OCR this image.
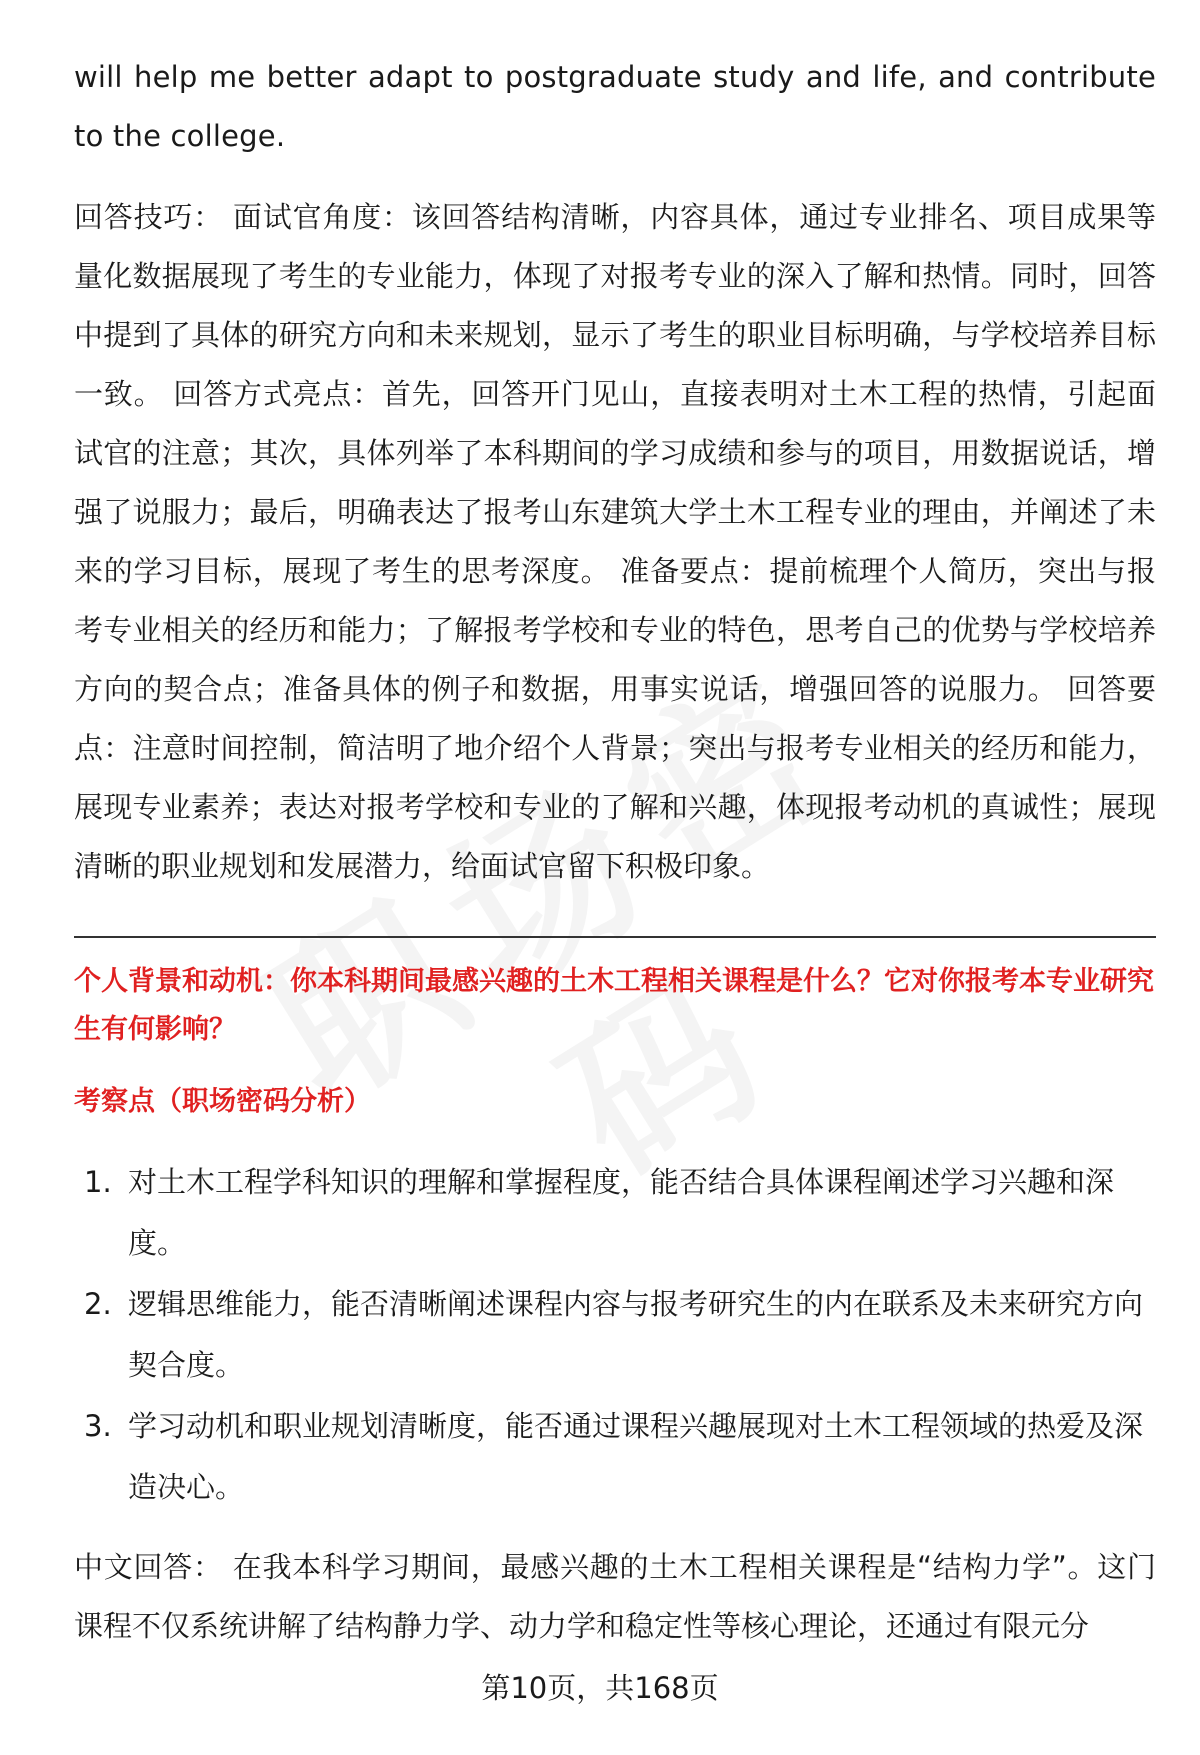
will help me better adapt to postgraduate study and life, and contribute to the college.

回答技巧： 面试官角度：该回答结构清晰，内容具体，通过专业排名、项目成果等量化数据展现了考生的专业能力，体现了对报考专业的深入了解和热情。同时，回答中提到了具体的研究方向和未来规划，显示了考生的职业目标明确，与学校培养目标一致。 回答方式亮点：首先，回答开门见山，直接表明对土木工程的热情，引起面试官的注意；其次，具体列举了本科期间的学习成绩和参与的项目，用数据说话，增强了说服力；最后，明确表达了报考山东建筑大学土木工程专业的理由，并阐述了未来的学习目标，展现了考生的思考深度。 准备要点：提前梳理个人简历，突出与报考专业相关的经历和能力；了解报考学校和专业的特色，思考自己的优势与学校培养方向的契合点；准备具体的例子和数据，用事实说话，增强回答的说服力。 回答要点：注意时间控制，简洁明了地介绍个人背景；突出与报考专业相关的经历和能力，展现专业素养；表达对报考学校和专业的了解和兴趣，体现报考动机的真诚性；展现清晰的职业规划和发展潜力，给面试官留下积极印象。

个人背景和动机：你本科期间最感兴趣的土木工程相关课程是什么？它对你报考本专业研究生有何影响？

考察点（职场密码分析）

1. 对土木工程学科知识的理解和掌握程度，能否结合具体课程阐述学习兴趣和深度。
2. 逻辑思维能力，能否清晰阐述课程内容与报考研究生的内在联系及未来研究方向契合度。
3. 学习动机和职业规划清晰度，能否通过课程兴趣展现对土木工程领域的热爱及深造决心。

中文回答： 在我本科学习期间，最感兴趣的土木工程相关课程是“结构力学”。这门课程不仅系统讲解了结构静力学、动力学和稳定性等核心理论，还通过有限元分

第10页，共168页
